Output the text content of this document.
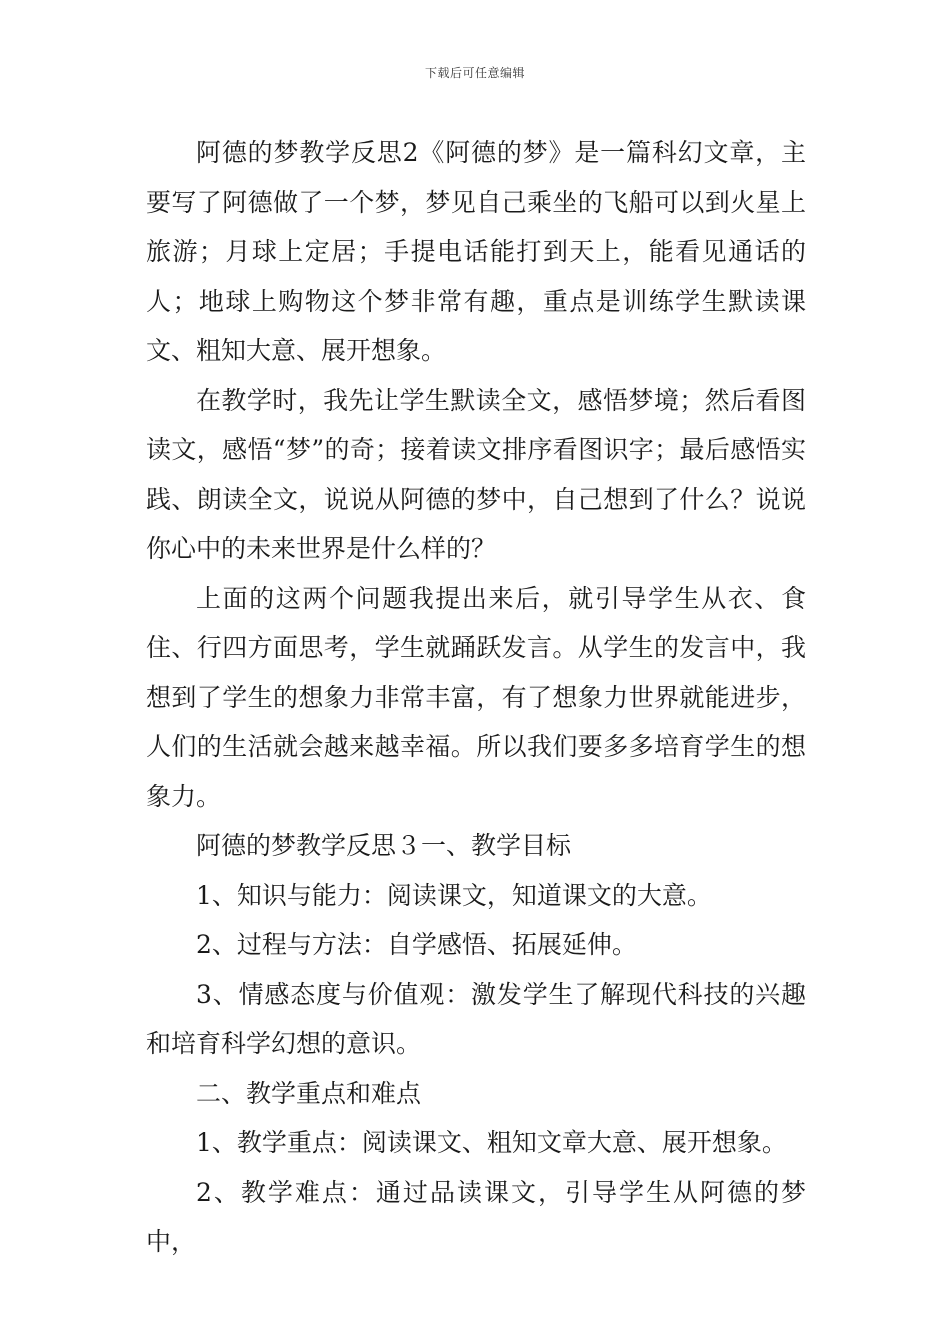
下载后可任意编辑

阿德的梦教学反思2《阿德的梦》是一篇科幻文章，主要写了阿德做了一个梦，梦见自己乘坐的飞船可以到火星上旅游；月球上定居；手提电话能打到天上，能看见通话的人；地球上购物这个梦非常有趣，重点是训练学生默读课文、粗知大意、展开想象。

在教学时，我先让学生默读全文，感悟梦境；然后看图读文，感悟“梦”的奇；接着读文排序看图识字；最后感悟实践、朗读全文，说说从阿德的梦中，自己想到了什么？说说你心中的未来世界是什么样的？

上面的这两个问题我提出来后，就引导学生从衣、食住、行四方面思考，学生就踊跃发言。从学生的发言中，我想到了学生的想象力非常丰富，有了想象力世界就能进步，人们的生活就会越来越幸福。所以我们要多多培育学生的想象力。

阿德的梦教学反思３一、教学目标

1、知识与能力：阅读课文，知道课文的大意。

2、过程与方法：自学感悟、拓展延伸。

3、情感态度与价值观：激发学生了解现代科技的兴趣和培育科学幻想的意识。

二、教学重点和难点

1、教学重点：阅读课文、粗知文章大意、展开想象。

2、教学难点：通过品读课文，引导学生从阿德的梦中，
